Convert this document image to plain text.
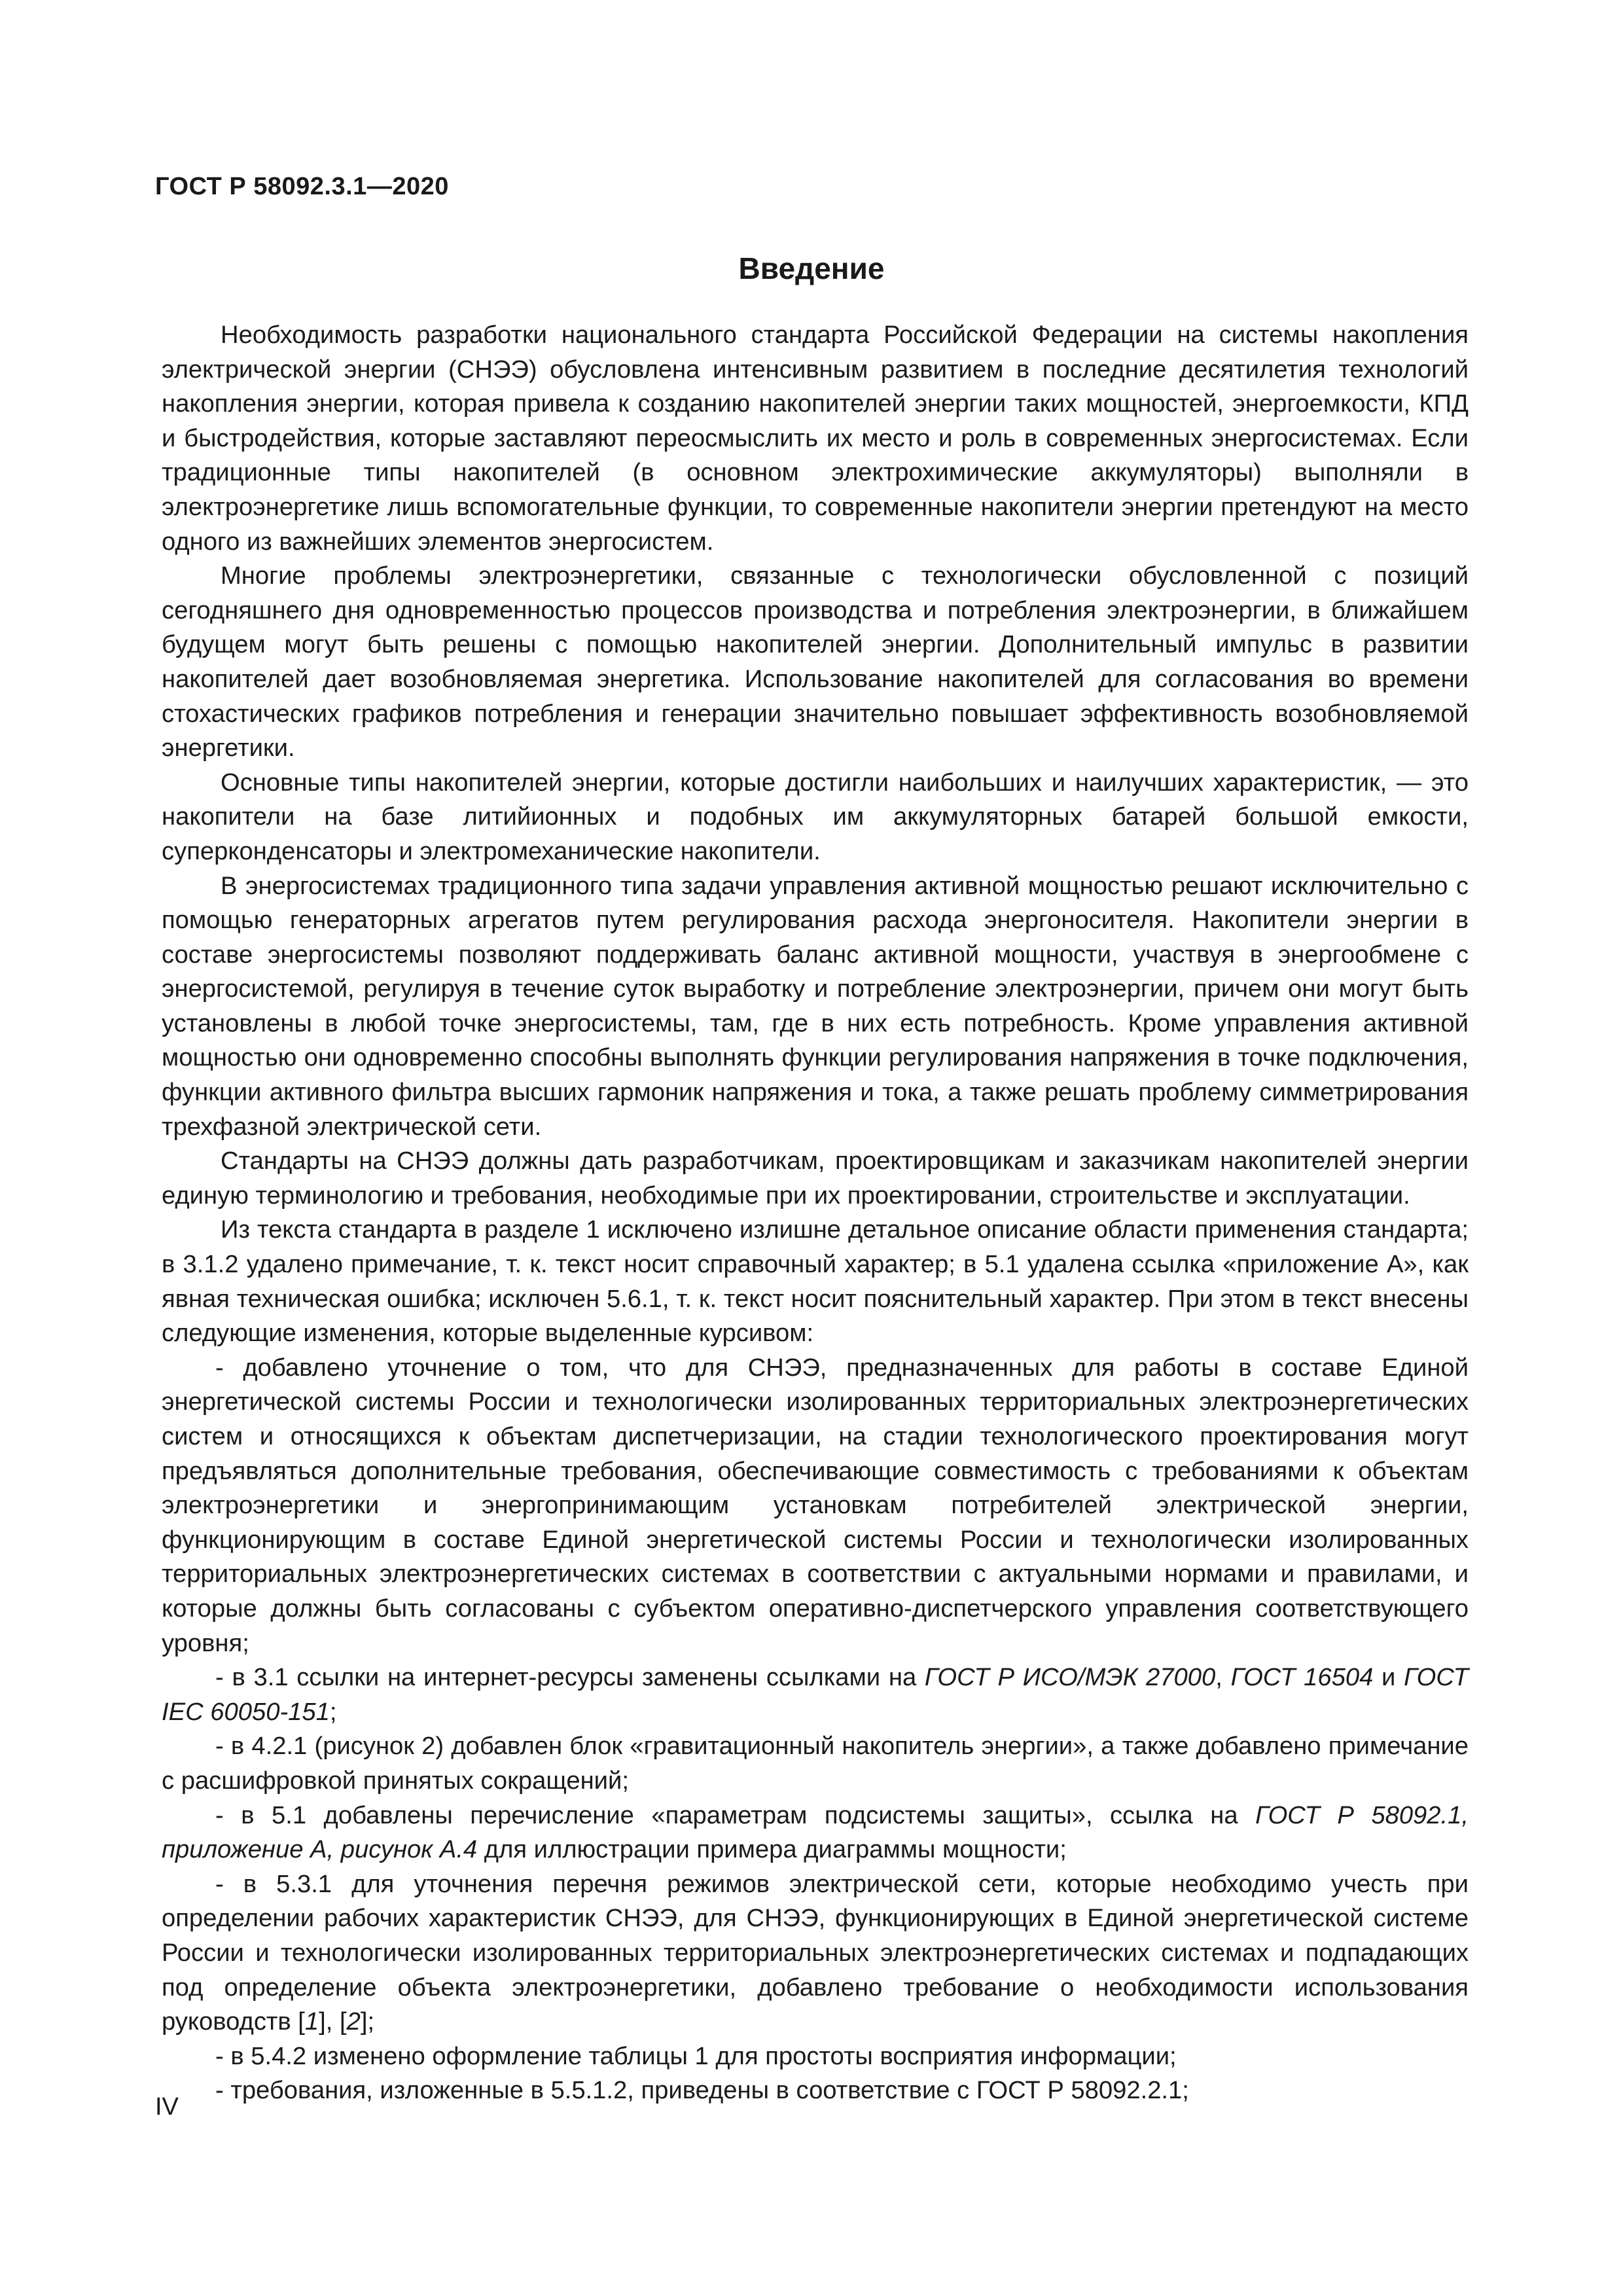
ГОСТ Р 58092.3.1—2020
Введение

Необходимость разработки национального стандарта Российской Федерации на системы накопления электрической энергии (СНЭЭ) обусловлена интенсивным развитием в последние десятилетия технологий накопления энергии, которая привела к созданию накопителей энергии таких мощностей, энергоемкости, КПД и быстродействия, которые заставляют переосмыслить их место и роль в современных энергосистемах. Если традиционные типы накопителей (в основном электрохимические аккумуляторы) выполняли в электроэнергетике лишь вспомогательные функции, то современные накопители энергии претендуют на место одного из важнейших элементов энергосистем.

Многие проблемы электроэнергетики, связанные с технологически обусловленной с позиций сегодняшнего дня одновременностью процессов производства и потребления электроэнергии, в ближайшем будущем могут быть решены с помощью накопителей энергии. Дополнительный импульс в развитии накопителей дает возобновляемая энергетика. Использование накопителей для согласования во времени стохастических графиков потребления и генерации значительно повышает эффективность возобновляемой энергетики.

Основные типы накопителей энергии, которые достигли наибольших и наилучших характеристик, — это накопители на базе литийионных и подобных им аккумуляторных батарей большой емкости, суперконденсаторы и электромеханические накопители.

В энергосистемах традиционного типа задачи управления активной мощностью решают исключительно с помощью генераторных агрегатов путем регулирования расхода энергоносителя. Накопители энергии в составе энергосистемы позволяют поддерживать баланс активной мощности, участвуя в энергообмене с энергосистемой, регулируя в течение суток выработку и потребление электроэнергии, причем они могут быть установлены в любой точке энергосистемы, там, где в них есть потребность. Кроме управления активной мощностью они одновременно способны выполнять функции регулирования напряжения в точке подключения, функции активного фильтра высших гармоник напряжения и тока, а также решать проблему симметрирования трехфазной электрической сети.

Стандарты на СНЭЭ должны дать разработчикам, проектировщикам и заказчикам накопителей энергии единую терминологию и требования, необходимые при их проектировании, строительстве и эксплуатации.

Из текста стандарта в разделе 1 исключено излишне детальное описание области применения стандарта; в 3.1.2 удалено примечание, т. к. текст носит справочный характер; в 5.1 удалена ссылка «приложение А», как явная техническая ошибка; исключен 5.6.1, т. к. текст носит пояснительный характер. При этом в текст внесены следующие изменения, которые выделенные курсивом:

- добавлено уточнение о том, что для СНЭЭ, предназначенных для работы в составе Единой энергетической системы России и технологически изолированных территориальных электроэнергетических систем и относящихся к объектам диспетчеризации, на стадии технологического проектирования могут предъявляться дополнительные требования, обеспечивающие совместимость с требованиями к объектам электроэнергетики и энергопринимающим установкам потребителей электрической энергии, функционирующим в составе Единой энергетической системы России и технологически изолированных территориальных электроэнергетических системах в соответствии с актуальными нормами и правилами, и которые должны быть согласованы с субъектом оперативно-диспетчерского управления соответствующего уровня;

- в 3.1 ссылки на интернет-ресурсы заменены ссылками на ГОСТ Р ИСО/МЭК 27000, ГОСТ 16504 и ГОСТ IEC 60050-151;

- в 4.2.1 (рисунок 2) добавлен блок «гравитационный накопитель энергии», а также добавлено примечание с расшифровкой принятых сокращений;

- в 5.1 добавлены перечисление «параметрам подсистемы защиты», ссылка на ГОСТ Р 58092.1, приложение А, рисунок А.4 для иллюстрации примера диаграммы мощности;

- в 5.3.1 для уточнения перечня режимов электрической сети, которые необходимо учесть при определении рабочих характеристик СНЭЭ, для СНЭЭ, функционирующих в Единой энергетической системе России и технологически изолированных территориальных электроэнергетических системах и подпадающих под определение объекта электроэнергетики, добавлено требование о необходимости использования руководств [1], [2];

- в 5.4.2 изменено оформление таблицы 1 для простоты восприятия информации;

- требования, изложенные в 5.5.1.2, приведены в соответствие с ГОСТ Р 58092.2.1;

IV
